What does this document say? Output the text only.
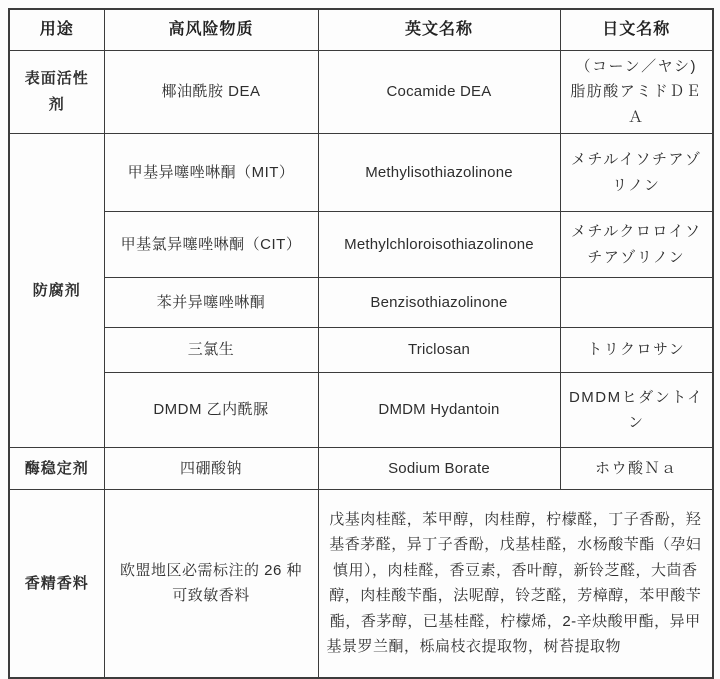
用途	高风险物质	英文名称	日文名称
表面活性剂	椰油酰胺 DEA	Cocamide DEA	（コーン／ヤシ)脂肪酸アミドＤＥＡ
防腐剂	甲基异噻唑啉酮（MIT）	Methylisothiazolinone	メチルイソチアゾリノン
	甲基氯异噻唑啉酮（CIT）	Methylchloroisothiazolinone	メチルクロロイソチアゾリノン
	苯并异噻唑啉酮	Benzisothiazolinone	
	三氯生	Triclosan	トリクロサン
	DMDM 乙内酰脲	DMDM Hydantoin	DMDMヒダントイン
酶稳定剂	四硼酸钠	Sodium Borate	ホウ酸Ｎａ
香精香料	欧盟地区必需标注的 26 种可致敏香料	戊基肉桂醛，苯甲醇，肉桂醇，柠檬醛，丁子香酚，羟基香茅醛，异丁子香酚，戊基桂醛，水杨酸苄酯（孕妇慎用），肉桂醛，香豆素，香叶醇，新铃芝醛，大茴香醇，肉桂酸苄酯，法呢醇，铃芝醛，芳樟醇，苯甲酸苄酯，香茅醇，已基桂醛，柠檬烯，2-辛炔酸甲酯，异甲基景罗兰酮，栎扁枝衣提取物，树苔提取物	
